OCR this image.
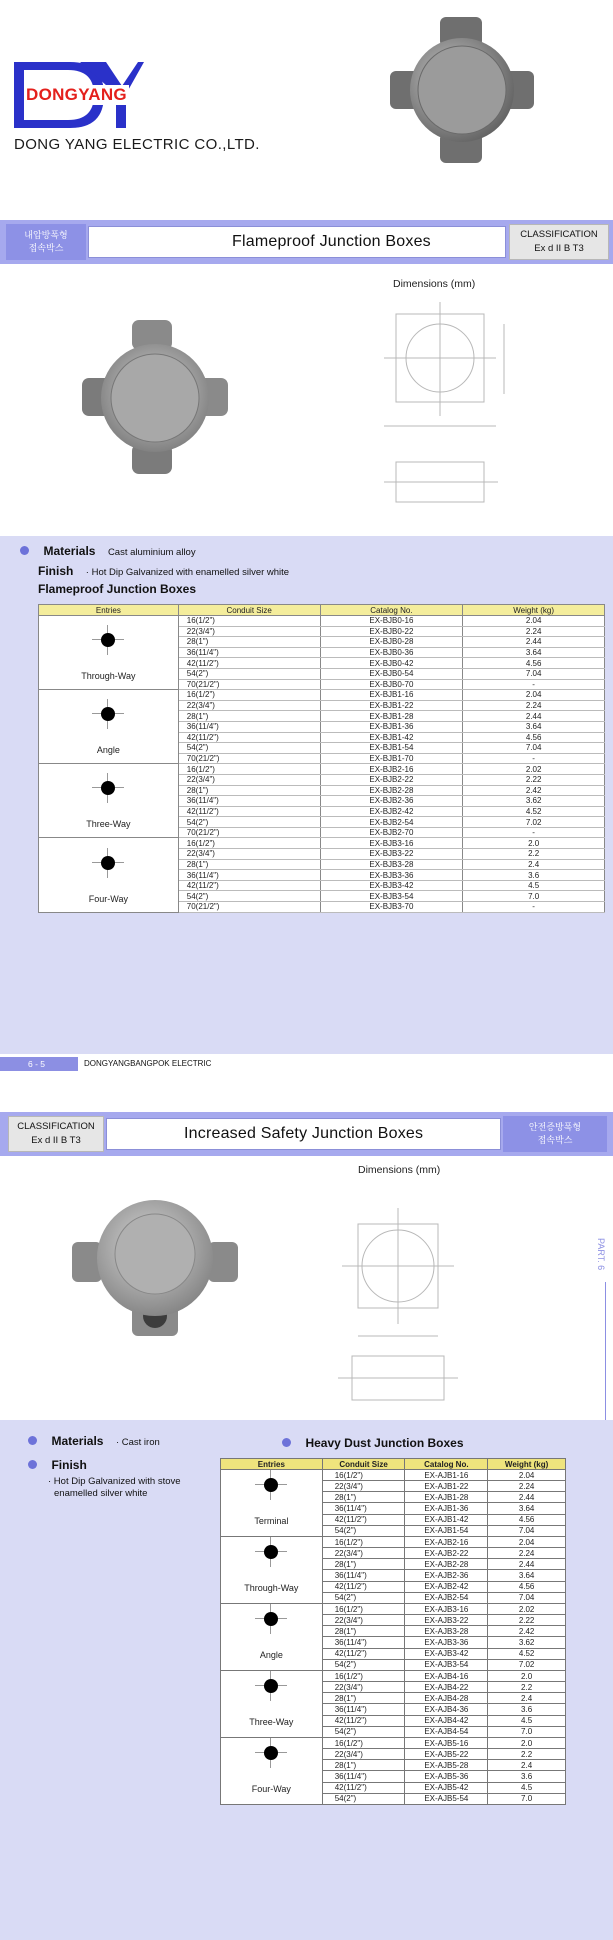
DONGYANG
DONG YANG ELECTRIC CO.,LTD.
내압방폭형
접속박스	Flameproof Junction Boxes	CLASSIFICATION
Ex d II B T3
Dimensions (mm)
Materials Cast aluminium alloy
Finish · Hot Dip Galvanized with enamelled silver white
Flameproof Junction Boxes
Entries	Conduit Size	Catalog No.	Weight (kg)

Through-Way	16(1/2")	EX-BJB0-16	2.04
	22(3/4")	EX-BJB0-22	2.24
	28(1")	EX-BJB0-28	2.44
	36(11/4")	EX-BJB0-36	3.64
	42(11/2")	EX-BJB0-42	4.56
	54(2")	EX-BJB0-54	7.04
	70(21/2")	EX-BJB0-70	-

Angle	16(1/2")	EX-BJB1-16	2.04
	22(3/4")	EX-BJB1-22	2.24
	28(1")	EX-BJB1-28	2.44
	36(11/4")	EX-BJB1-36	3.64
	42(11/2")	EX-BJB1-42	4.56
	54(2")	EX-BJB1-54	7.04
	70(21/2")	EX-BJB1-70	-

Three-Way	16(1/2")	EX-BJB2-16	2.02
	22(3/4")	EX-BJB2-22	2.22
	28(1")	EX-BJB2-28	2.42
	36(11/4")	EX-BJB2-36	3.62
	42(11/2")	EX-BJB2-42	4.52
	54(2")	EX-BJB2-54	7.02
	70(21/2")	EX-BJB2-70	-

Four-Way	16(1/2")	EX-BJB3-16	2.0
	22(3/4")	EX-BJB3-22	2.2
	28(1")	EX-BJB3-28	2.4
	36(11/4")	EX-BJB3-36	3.6
	42(11/2")	EX-BJB3-42	4.5
	54(2")	EX-BJB3-54	7.0
	70(21/2")	EX-BJB3-70	-
6 - 5	DONGYANGBANGPOK ELECTRIC
CLASSIFICATION
Ex d II B T3	Increased Safety Junction Boxes	안전증방폭형
접속박스
Dimensions (mm)
PART. 6
Materials · Cast iron
Finish
· Hot Dip Galvanized with stove
enamelled silver white
Heavy Dust Junction Boxes
Entries	Conduit Size	Catalog No.	Weight (kg)

Terminal	16(1/2")	EX-AJB1-16	2.04
	22(3/4")	EX-AJB1-22	2.24
	28(1")	EX-AJB1-28	2.44
	36(11/4")	EX-AJB1-36	3.64
	42(11/2")	EX-AJB1-42	4.56
	54(2")	EX-AJB1-54	7.04

Through-Way	16(1/2")	EX-AJB2-16	2.04
	22(3/4")	EX-AJB2-22	2.24
	28(1")	EX-AJB2-28	2.44
	36(11/4")	EX-AJB2-36	3.64
	42(11/2")	EX-AJB2-42	4.56
	54(2")	EX-AJB2-54	7.04

Angle	16(1/2")	EX-AJB3-16	2.02
	22(3/4")	EX-AJB3-22	2.22
	28(1")	EX-AJB3-28	2.42
	36(11/4")	EX-AJB3-36	3.62
	42(11/2")	EX-AJB3-42	4.52
	54(2")	EX-AJB3-54	7.02

Three-Way	16(1/2")	EX-AJB4-16	2.0
	22(3/4")	EX-AJB4-22	2.2
	28(1")	EX-AJB4-28	2.4
	36(11/4")	EX-AJB4-36	3.6
	42(11/2")	EX-AJB4-42	4.5
	54(2")	EX-AJB4-54	7.0

Four-Way	16(1/2")	EX-AJB5-16	2.0
	22(3/4")	EX-AJB5-22	2.2
	28(1")	EX-AJB5-28	2.4
	36(11/4")	EX-AJB5-36	3.6
	42(11/2")	EX-AJB5-42	4.5
	54(2")	EX-AJB5-54	7.0
